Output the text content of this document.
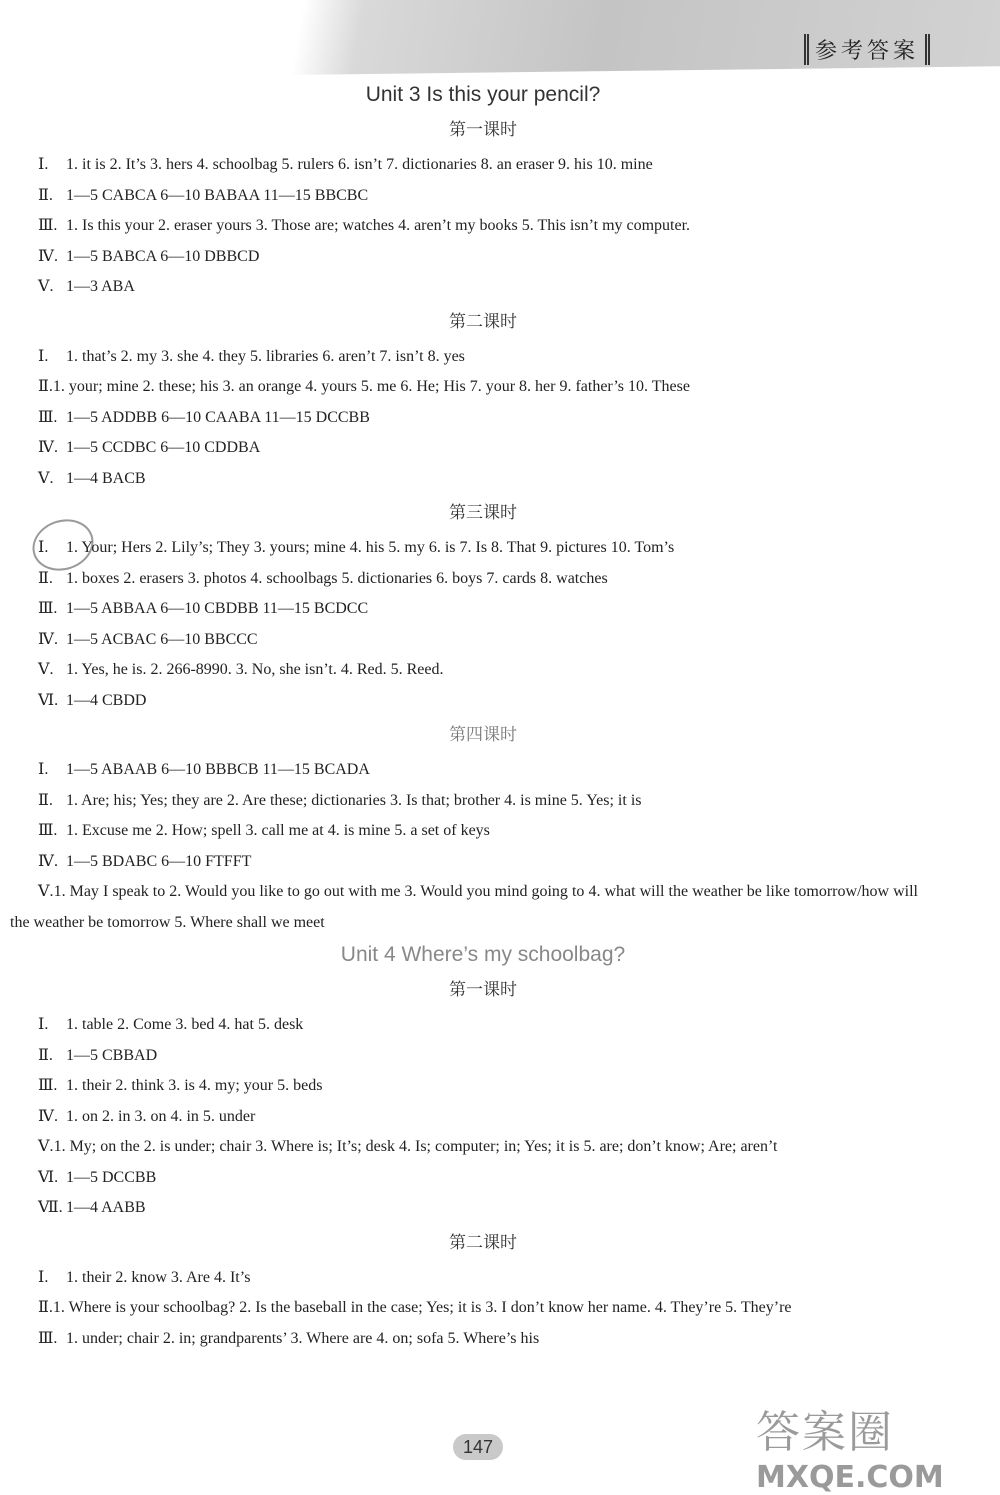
参考答案
Unit 3 Is this your pencil?
第一课时
Ⅰ. 1. it is 2. It’s 3. hers 4. schoolbag 5. rulers 6. isn’t 7. dictionaries 8. an eraser 9. his 10. mine
Ⅱ. 1—5 CABCA 6—10 BABAA 11—15 BBCBC
Ⅲ. 1. Is this your 2. eraser yours 3. Those are; watches 4. aren’t my books 5. This isn’t my computer.
Ⅳ. 1—5 BABCA 6—10 DBBCD
Ⅴ. 1—3 ABA
第二课时
Ⅰ. 1. that’s 2. my 3. she 4. they 5. libraries 6. aren’t 7. isn’t 8. yes
Ⅱ.1. your; mine 2. these; his 3. an orange 4. yours 5. me 6. He; His 7. your 8. her 9. father’s 10. These
Ⅲ. 1—5 ADDBB 6—10 CAABA 11—15 DCCBB
Ⅳ. 1—5 CCDBC 6—10 CDDBA
Ⅴ. 1—4 BACB
第三课时
Ⅰ. 1. Your; Hers 2. Lily’s; They 3. yours; mine 4. his 5. my 6. is 7. Is 8. That 9. pictures 10. Tom’s
Ⅱ. 1. boxes 2. erasers 3. photos 4. schoolbags 5. dictionaries 6. boys 7. cards 8. watches
Ⅲ. 1—5 ABBAA 6—10 CBDBB 11—15 BCDCC
Ⅳ. 1—5 ACBAC 6—10 BBCCC
Ⅴ. 1. Yes, he is. 2. 266-8990. 3. No, she isn’t. 4. Red. 5. Reed.
Ⅵ. 1—4 CBDD
第四课时
Ⅰ. 1—5 ABAAB 6—10 BBBCB 11—15 BCADA
Ⅱ. 1. Are; his; Yes; they are 2. Are these; dictionaries 3. Is that; brother 4. is mine 5. Yes; it is
Ⅲ. 1. Excuse me 2. How; spell 3. call me at 4. is mine 5. a set of keys
Ⅳ. 1—5 BDABC 6—10 FTFFT
Ⅴ.1. May I speak to 2. Would you like to go out with me 3. Would you mind going to 4. what will the weather be like tomorrow/how will the weather be tomorrow 5. Where shall we meet
Unit 4 Where’s my schoolbag?
第一课时
Ⅰ. 1. table 2. Come 3. bed 4. hat 5. desk
Ⅱ. 1—5 CBBAD
Ⅲ. 1. their 2. think 3. is 4. my; your 5. beds
Ⅳ. 1. on 2. in 3. on 4. in 5. under
Ⅴ.1. My; on the 2. is under; chair 3. Where is; It’s; desk 4. Is; computer; in; Yes; it is 5. are; don’t know; Are; aren’t
Ⅵ. 1—5 DCCBB
Ⅶ. 1—4 AABB
第二课时
Ⅰ. 1. their 2. know 3. Are 4. It’s
Ⅱ.1. Where is your schoolbag? 2. Is the baseball in the case; Yes; it is 3. I don’t know her name. 4. They’re 5. They’re
Ⅲ. 1. under; chair 2. in; grandparents’ 3. Where are 4. on; sofa 5. Where’s his
147	答案圈
MXQE.COM
